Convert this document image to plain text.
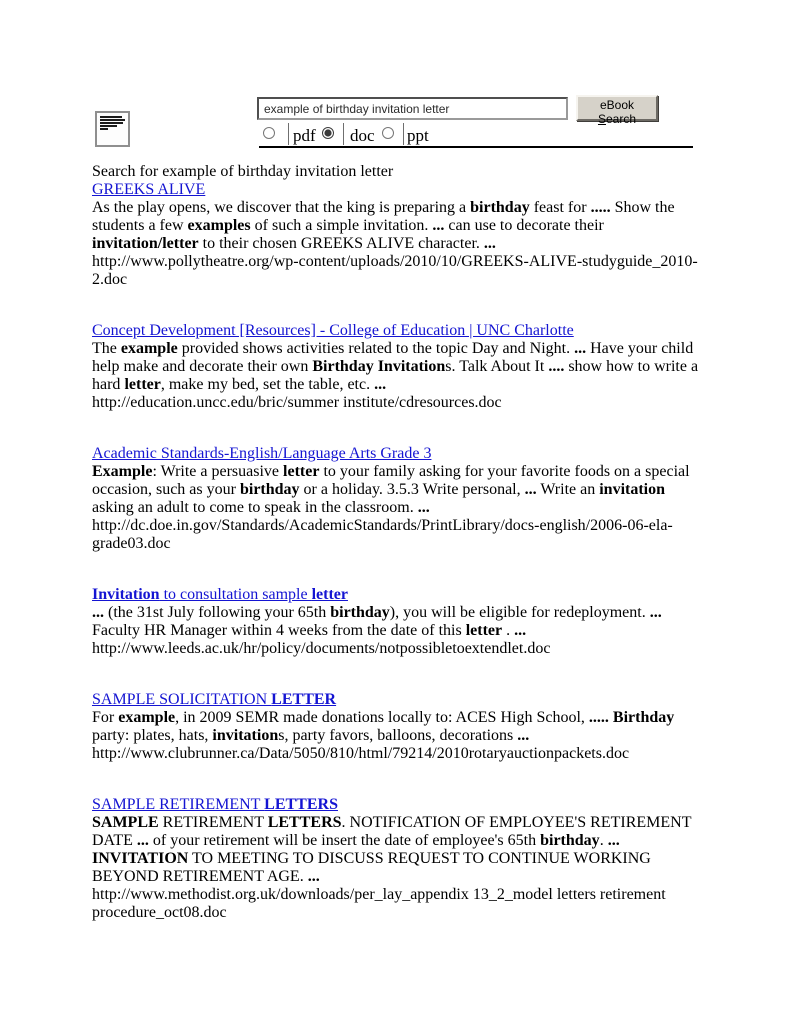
example of birthday invitation letter
eBook Search
pdf doc ppt
Search for example of birthday invitation letter
GREEKS ALIVE
As the play opens, we discover that the king is preparing a birthday feast for ..... Show the students a few examples of such a simple invitation. ... can use to decorate their invitation/letter to their chosen GREEKS ALIVE character. ...
http://www.pollytheatre.org/wp-content/uploads/2010/10/GREEKS-ALIVE-studyguide_2010-2.doc
Concept Development [Resources] - College of Education | UNC Charlotte
The example provided shows activities related to the topic Day and Night. ... Have your child help make and decorate their own Birthday Invitations. Talk About It .... show how to write a hard letter, make my bed, set the table, etc. ...
http://education.uncc.edu/bric/summer institute/cdresources.doc
Academic Standards-English/Language Arts Grade 3
Example: Write a persuasive letter to your family asking for your favorite foods on a special occasion, such as your birthday or a holiday. 3.5.3 Write personal, ... Write an invitation asking an adult to come to speak in the classroom. ...
http://dc.doe.in.gov/Standards/AcademicStandards/PrintLibrary/docs-english/2006-06-ela-grade03.doc
Invitation to consultation sample letter
... (the 31st July following your 65th birthday), you will be eligible for redeployment. ... Faculty HR Manager within 4 weeks from the date of this letter . ...
http://www.leeds.ac.uk/hr/policy/documents/notpossibletoextendlet.doc
SAMPLE SOLICITATION LETTER
For example, in 2009 SEMR made donations locally to: ACES High School, ..... Birthday party: plates, hats, invitations, party favors, balloons, decorations ...
http://www.clubrunner.ca/Data/5050/810/html/79214/2010rotaryauctionpackets.doc
SAMPLE RETIREMENT LETTERS
SAMPLE RETIREMENT LETTERS. NOTIFICATION OF EMPLOYEE'S RETIREMENT DATE ... of your retirement will be insert the date of employee's 65th birthday. ... INVITATION TO MEETING TO DISCUSS REQUEST TO CONTINUE WORKING BEYOND RETIREMENT AGE. ...
http://www.methodist.org.uk/downloads/per_lay_appendix 13_2_model letters retirement procedure_oct08.doc
